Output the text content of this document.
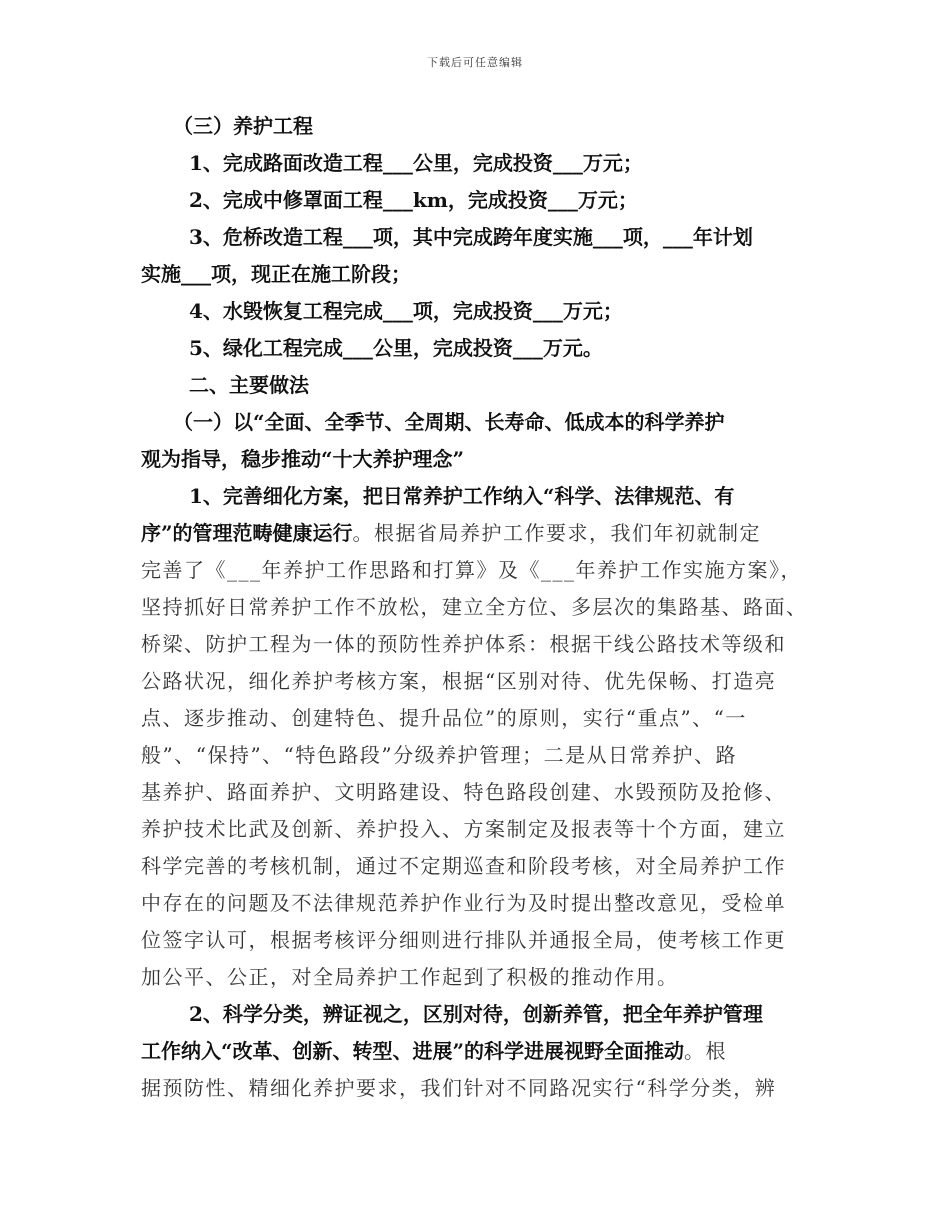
下载后可任意编辑
（三）养护工程
1、完成路面改造工程___公里，完成投资___万元；
2、完成中修罩面工程___km，完成投资___万元；
3、危桥改造工程___项，其中完成跨年度实施___项，___年计划
实施___项，现正在施工阶段；
4、水毁恢复工程完成___项，完成投资___万元；
5、绿化工程完成___公里，完成投资___万元。
二、主要做法
（一）以“全面、全季节、全周期、长寿命、低成本的科学养护
观为指导，稳步推动“十大养护理念”
1、完善细化方案，把日常养护工作纳入“科学、法律规范、有
序”的管理范畴健康运行。根据省局养护工作要求，我们年初就制定
完善了《___年养护工作思路和打算》及《___年养护工作实施方案》，
坚持抓好日常养护工作不放松，建立全方位、多层次的集路基、路面、
桥梁、防护工程为一体的预防性养护体系：根据干线公路技术等级和
公路状况，细化养护考核方案，根据“区别对待、优先保畅、打造亮
点、逐步推动、创建特色、提升品位”的原则，实行“重点”、“一
般”、“保持”、“特色路段”分级养护管理；二是从日常养护、路
基养护、路面养护、文明路建设、特色路段创建、水毁预防及抢修、
养护技术比武及创新、养护投入、方案制定及报表等十个方面，建立
科学完善的考核机制，通过不定期巡查和阶段考核，对全局养护工作
中存在的问题及不法律规范养护作业行为及时提出整改意见，受检单
位签字认可，根据考核评分细则进行排队并通报全局，使考核工作更
加公平、公正，对全局养护工作起到了积极的推动作用。
2、科学分类，辨证视之，区别对待，创新养管，把全年养护管理
工作纳入“改革、创新、转型、进展”的科学进展视野全面推动。根
据预防性、精细化养护要求，我们针对不同路况实行“科学分类，辨
